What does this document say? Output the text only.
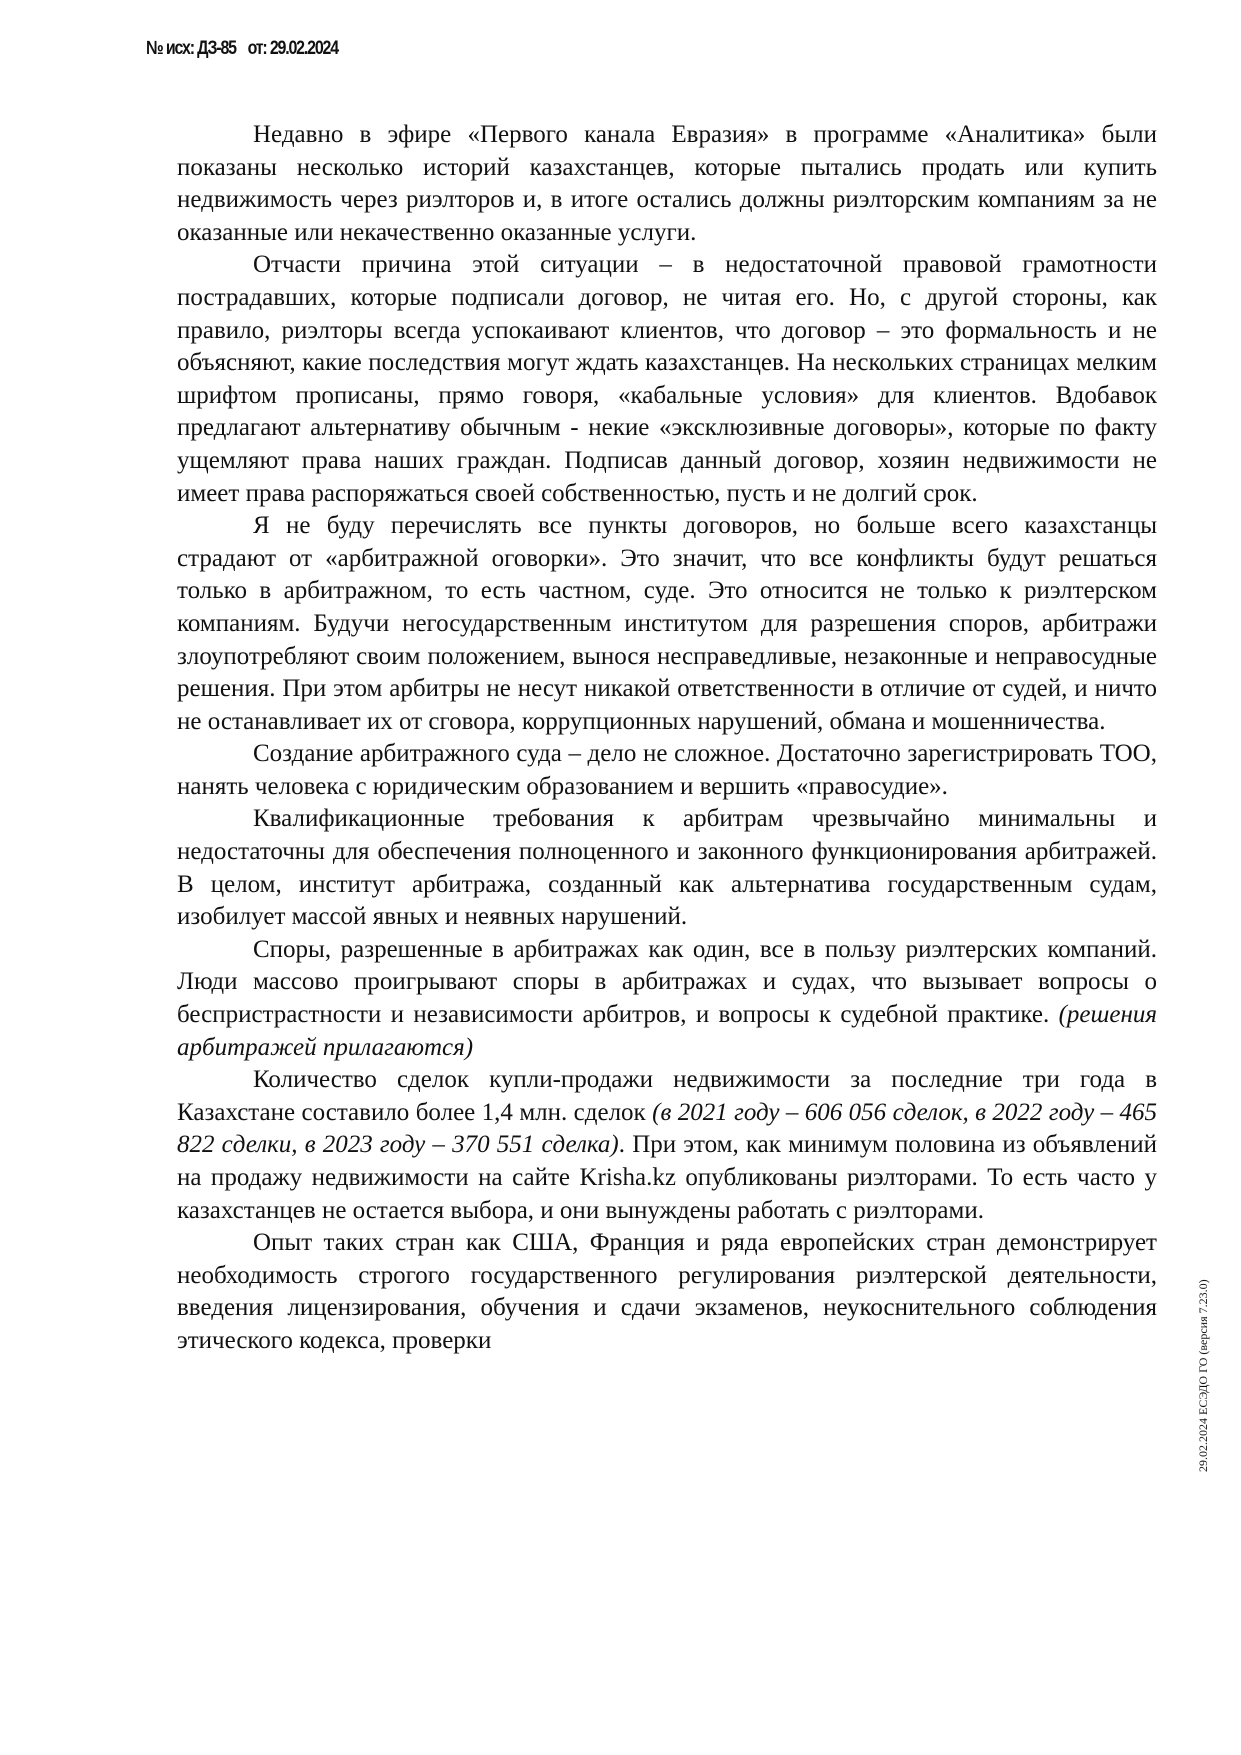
№ исх: ДЗ-85 от: 29.02.2024
29.02.2024 ЕСЭДО ГО (версия 7.23.0)

Недавно в эфире «Первого канала Евразия» в программе «Аналитика» были показаны несколько историй казахстанцев, которые пытались продать или купить недвижимость через риэлторов и, в итоге остались должны риэлторским компаниям за не оказанные или некачественно оказанные услуги.

Отчасти причина этой ситуации – в недостаточной правовой грамотности пострадавших, которые подписали договор, не читая его. Но, с другой стороны, как правило, риэлторы всегда успокаивают клиентов, что договор – это формальность и не объясняют, какие последствия могут ждать казахстанцев. На нескольких страницах мелким шрифтом прописаны, прямо говоря, «кабальные условия» для клиентов. Вдобавок предлагают альтернативу обычным - некие «эксклюзивные договоры», которые по факту ущемляют права наших граждан. Подписав данный договор, хозяин недвижимости не имеет права распоряжаться своей собственностью, пусть и не долгий срок.

Я не буду перечислять все пункты договоров, но больше всего казахстанцы страдают от «арбитражной оговорки». Это значит, что все конфликты будут решаться только в арбитражном, то есть частном, суде. Это относится не только к риэлтерском компаниям. Будучи негосударственным институтом для разрешения споров, арбитражи злоупотребляют своим положением, вынося несправедливые, незаконные и неправосудные решения. При этом арбитры не несут никакой ответственности в отличие от судей, и ничто не останавливает их от сговора, коррупционных нарушений, обмана и мошенничества.

Создание арбитражного суда – дело не сложное. Достаточно зарегистрировать ТОО, нанять человека с юридическим образованием и вершить «правосудие».

Квалификационные требования к арбитрам чрезвычайно минимальны и недостаточны для обеспечения полноценного и законного функционирования арбитражей. В целом, институт арбитража, созданный как альтернатива государственным судам, изобилует массой явных и неявных нарушений.

Споры, разрешенные в арбитражах как один, все в пользу риэлтерских компаний. Люди массово проигрывают споры в арбитражах и судах, что вызывает вопросы о беспристрастности и независимости арбитров, и вопросы к судебной практике. (решения арбитражей прилагаются)

Количество сделок купли-продажи недвижимости за последние три года в Казахстане составило более 1,4 млн. сделок (в 2021 году – 606 056 сделок, в 2022 году – 465 822 сделки, в 2023 году – 370 551 сделка). При этом, как минимум половина из объявлений на продажу недвижимости на сайте Krisha.kz опубликованы риэлторами. То есть часто у казахстанцев не остается выбора, и они вынуждены работать с риэлторами.

Опыт таких стран как США, Франция и ряда европейских стран демонстрирует необходимость строгого государственного регулирования риэлтерской деятельности, введения лицензирования, обучения и сдачи экзаменов, неукоснительного соблюдения этического кодекса, проверки
